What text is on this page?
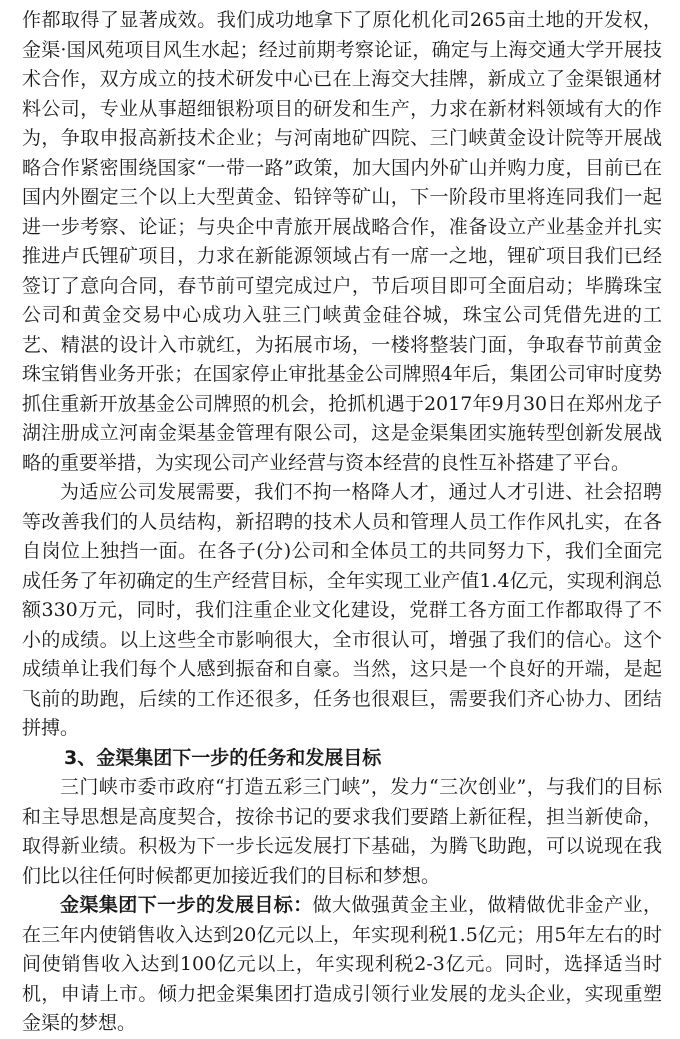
作都取得了显著成效。我们成功地拿下了原化机化司265亩土地的开发权，金渠·国风苑项目风生水起；经过前期考察论证，确定与上海交通大学开展技术合作，双方成立的技术研发中心已在上海交大挂牌，新成立了金渠银通材料公司，专业从事超细银粉项目的研发和生产，力求在新材料领域有大的作为，争取申报高新技术企业；与河南地矿四院、三门峡黄金设计院等开展战略合作紧密围绕国家“一带一路”政策，加大国内外矿山并购力度，目前已在国内外圈定三个以上大型黄金、铅锌等矿山，下一阶段市里将连同我们一起进一步考察、论证；与央企中青旅开展战略合作，准备设立产业基金并扎实推进卢氏锂矿项目，力求在新能源领域占有一席一之地，锂矿项目我们已经签订了意向合同，春节前可望完成过户，节后项目即可全面启动；毕腾珠宝公司和黄金交易中心成功入驻三门峡黄金硅谷城，珠宝公司凭借先进的工艺、精湛的设计入市就红，为拓展市场，一楼将整装门面，争取春节前黄金珠宝销售业务开张；在国家停止审批基金公司牌照4年后，集团公司审时度势抓住重新开放基金公司牌照的机会，抢抓机遇于2017年9月30日在郑州龙子湖注册成立河南金渠基金管理有限公司，这是金渠集团实施转型创新发展战略的重要举措，为实现公司产业经营与资本经营的良性互补搭建了平台。

为适应公司发展需要，我们不拘一格降人才，通过人才引进、社会招聘等改善我们的人员结构，新招聘的技术人员和管理人员工作作风扎实，在各自岗位上独挡一面。在各子(分)公司和全体员工的共同努力下，我们全面完成任务了年初确定的生产经营目标，全年实现工业产值1.4亿元，实现利润总额330万元，同时，我们注重企业文化建设，党群工各方面工作都取得了不小的成绩。以上这些全市影响很大，全市很认可，增强了我们的信心。这个成绩单让我们每个人感到振奋和自豪。当然，这只是一个良好的开端，是起飞前的助跑，后续的工作还很多，任务也很艰巨，需要我们齐心协力、团结拼搏。

3、金渠集团下一步的任务和发展目标

三门峡市委市政府“打造五彩三门峡”，发力“三次创业”，与我们的目标和主导思想是高度契合，按徐书记的要求我们要踏上新征程，担当新使命，取得新业绩。积极为下一步长远发展打下基础，为腾飞助跑，可以说现在我们比以往任何时候都更加接近我们的目标和梦想。

金渠集团下一步的发展目标：做大做强黄金主业，做精做优非金产业，在三年内使销售收入达到20亿元以上，年实现利税1.5亿元；用5年左右的时间使销售收入达到100亿元以上，年实现利税2-3亿元。同时，选择适当时机，申请上市。倾力把金渠集团打造成引领行业发展的龙头企业，实现重塑金渠的梦想。
